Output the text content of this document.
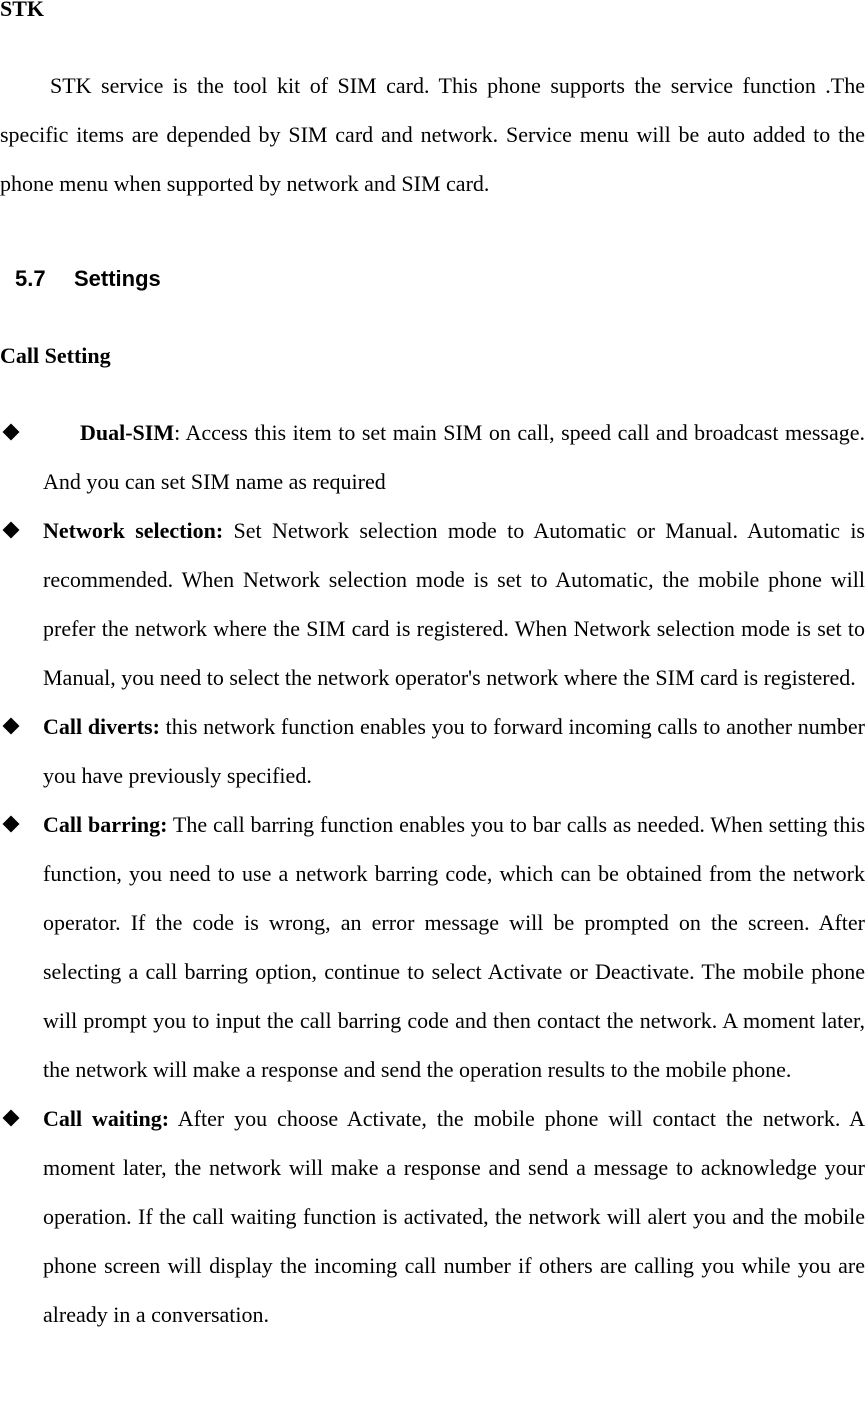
STK
STK service is the tool kit of SIM card. This phone supports the service function .The specific items are depended by SIM card and network. Service menu will be auto added to the phone menu when supported by network and SIM card.
5.7 Settings
Call Setting
Dual-SIM: Access this item to set main SIM on call, speed call and broadcast message. And you can set SIM name as required
Network selection: Set Network selection mode to Automatic or Manual. Automatic is recommended. When Network selection mode is set to Automatic, the mobile phone will prefer the network where the SIM card is registered. When Network selection mode is set to Manual, you need to select the network operator's network where the SIM card is registered.
Call diverts: this network function enables you to forward incoming calls to another number you have previously specified.
Call barring: The call barring function enables you to bar calls as needed. When setting this function, you need to use a network barring code, which can be obtained from the network operator. If the code is wrong, an error message will be prompted on the screen. After selecting a call barring option, continue to select Activate or Deactivate. The mobile phone will prompt you to input the call barring code and then contact the network. A moment later, the network will make a response and send the operation results to the mobile phone.
Call waiting: After you choose Activate, the mobile phone will contact the network. A moment later, the network will make a response and send a message to acknowledge your operation. If the call waiting function is activated, the network will alert you and the mobile phone screen will display the incoming call number if others are calling you while you are already in a conversation.
